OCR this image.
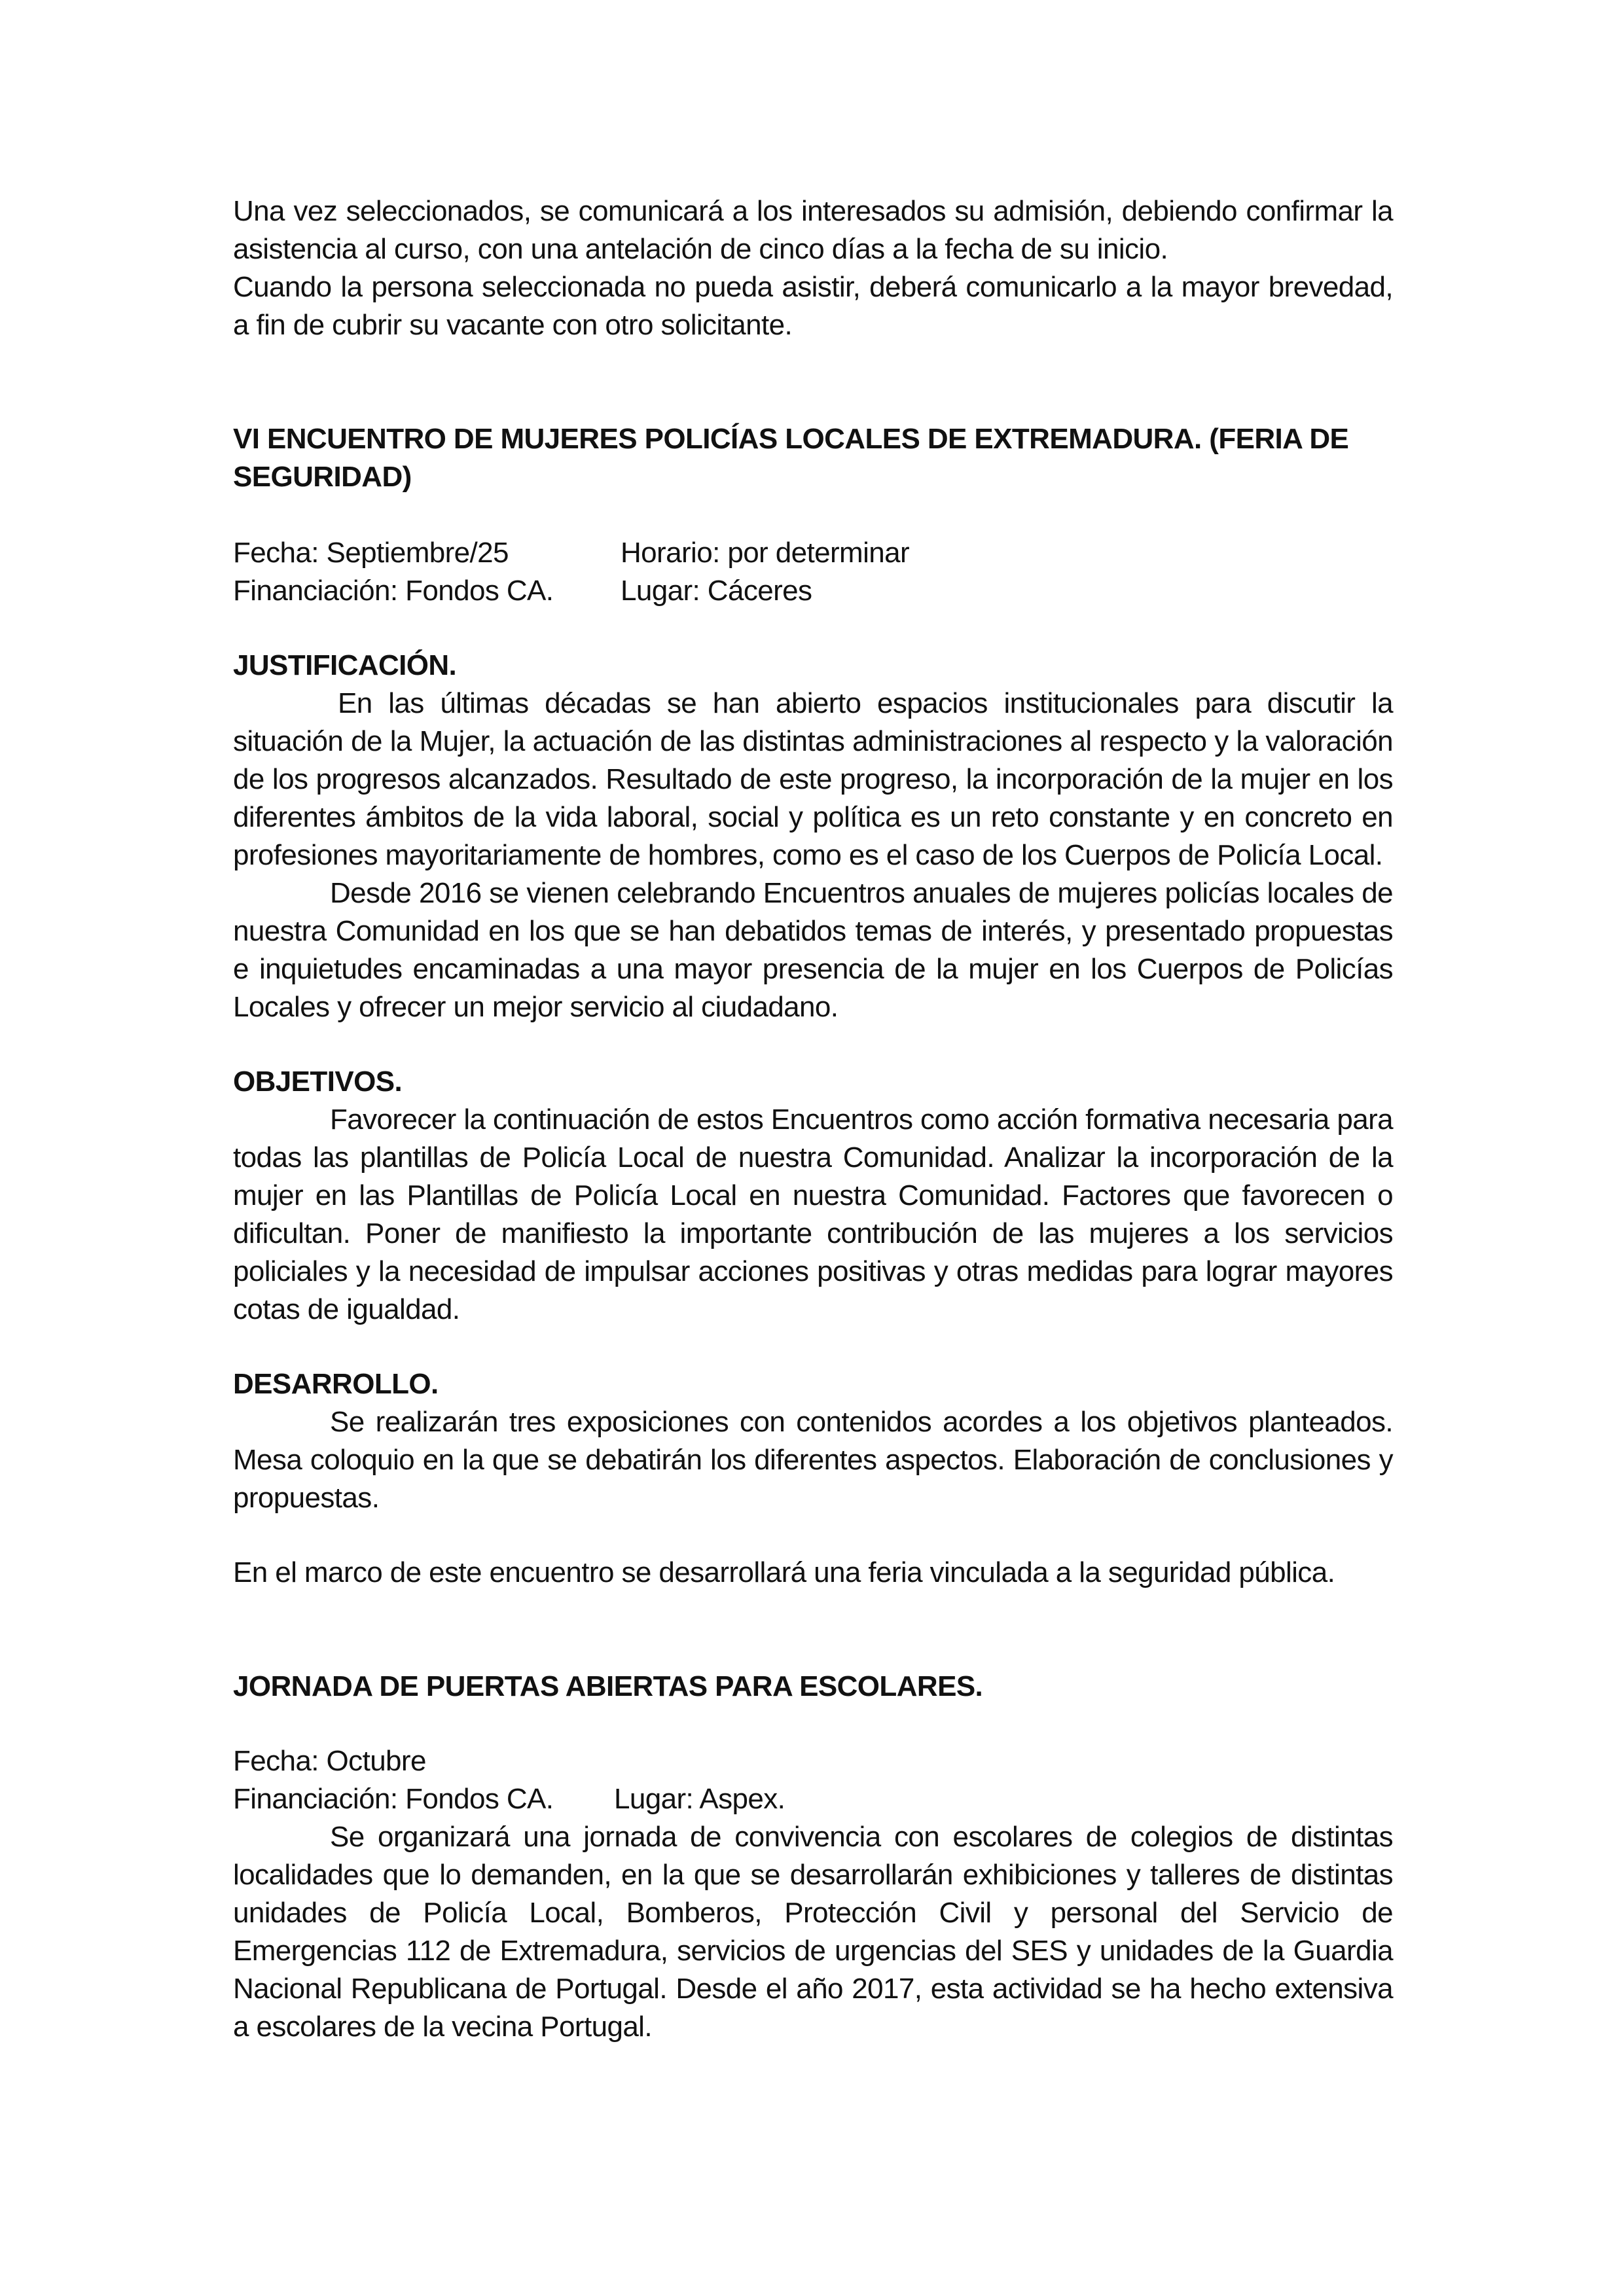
Una vez seleccionados, se comunicará a los interesados su admisión, debiendo confirmar la asistencia al curso, con una antelación de cinco días a la fecha de su inicio.

Cuando la persona seleccionada no pueda asistir, deberá comunicarlo a la mayor brevedad, a fin de cubrir su vacante con otro solicitante.

VI ENCUENTRO DE MUJERES POLICÍAS LOCALES DE EXTREMADURA. (FERIA DE SEGURIDAD)

Fecha: Septiembre/25	Horario: por determinar
Financiación: Fondos CA.	Lugar: Cáceres

JUSTIFICACIÓN.

En las últimas décadas se han abierto espacios institucionales para discutir la situación de la Mujer, la actuación de las distintas administraciones al respecto y la valoración de los progresos alcanzados. Resultado de este progreso, la incorporación de la mujer en los diferentes ámbitos de la vida laboral, social y política es un reto constante y en concreto en profesiones mayoritariamente de hombres, como es el caso de los Cuerpos de Policía Local.

Desde 2016 se vienen celebrando Encuentros anuales de mujeres policías locales de nuestra Comunidad en los que se han debatidos temas de interés, y presentado propuestas e inquietudes encaminadas a una mayor presencia de la mujer en los Cuerpos de Policías Locales y ofrecer un mejor servicio al ciudadano.

OBJETIVOS.

Favorecer la continuación de estos Encuentros como acción formativa necesaria para todas las plantillas de Policía Local de nuestra Comunidad. Analizar la incorporación de la mujer en las Plantillas de Policía Local en nuestra Comunidad. Factores que favorecen o dificultan. Poner de manifiesto la importante contribución de las mujeres a los servicios policiales y la necesidad de impulsar acciones positivas y otras medidas para lograr mayores cotas de igualdad.

DESARROLLO.

Se realizarán tres exposiciones con contenidos acordes a los objetivos planteados. Mesa coloquio en la que se debatirán los diferentes aspectos. Elaboración de conclusiones y propuestas.

En el marco de este encuentro se desarrollará una feria vinculada a la seguridad pública.

JORNADA DE PUERTAS ABIERTAS PARA ESCOLARES.

Fecha: Octubre

Financiación: Fondos CA.	Lugar: Aspex.

Se organizará una jornada de convivencia con escolares de colegios de distintas localidades que lo demanden, en la que se desarrollarán exhibiciones y talleres de distintas unidades de Policía Local, Bomberos, Protección Civil y personal del Servicio de Emergencias 112 de Extremadura, servicios de urgencias del SES y unidades de la Guardia Nacional Republicana de Portugal. Desde el año 2017, esta actividad se ha hecho extensiva a escolares de la vecina Portugal.
